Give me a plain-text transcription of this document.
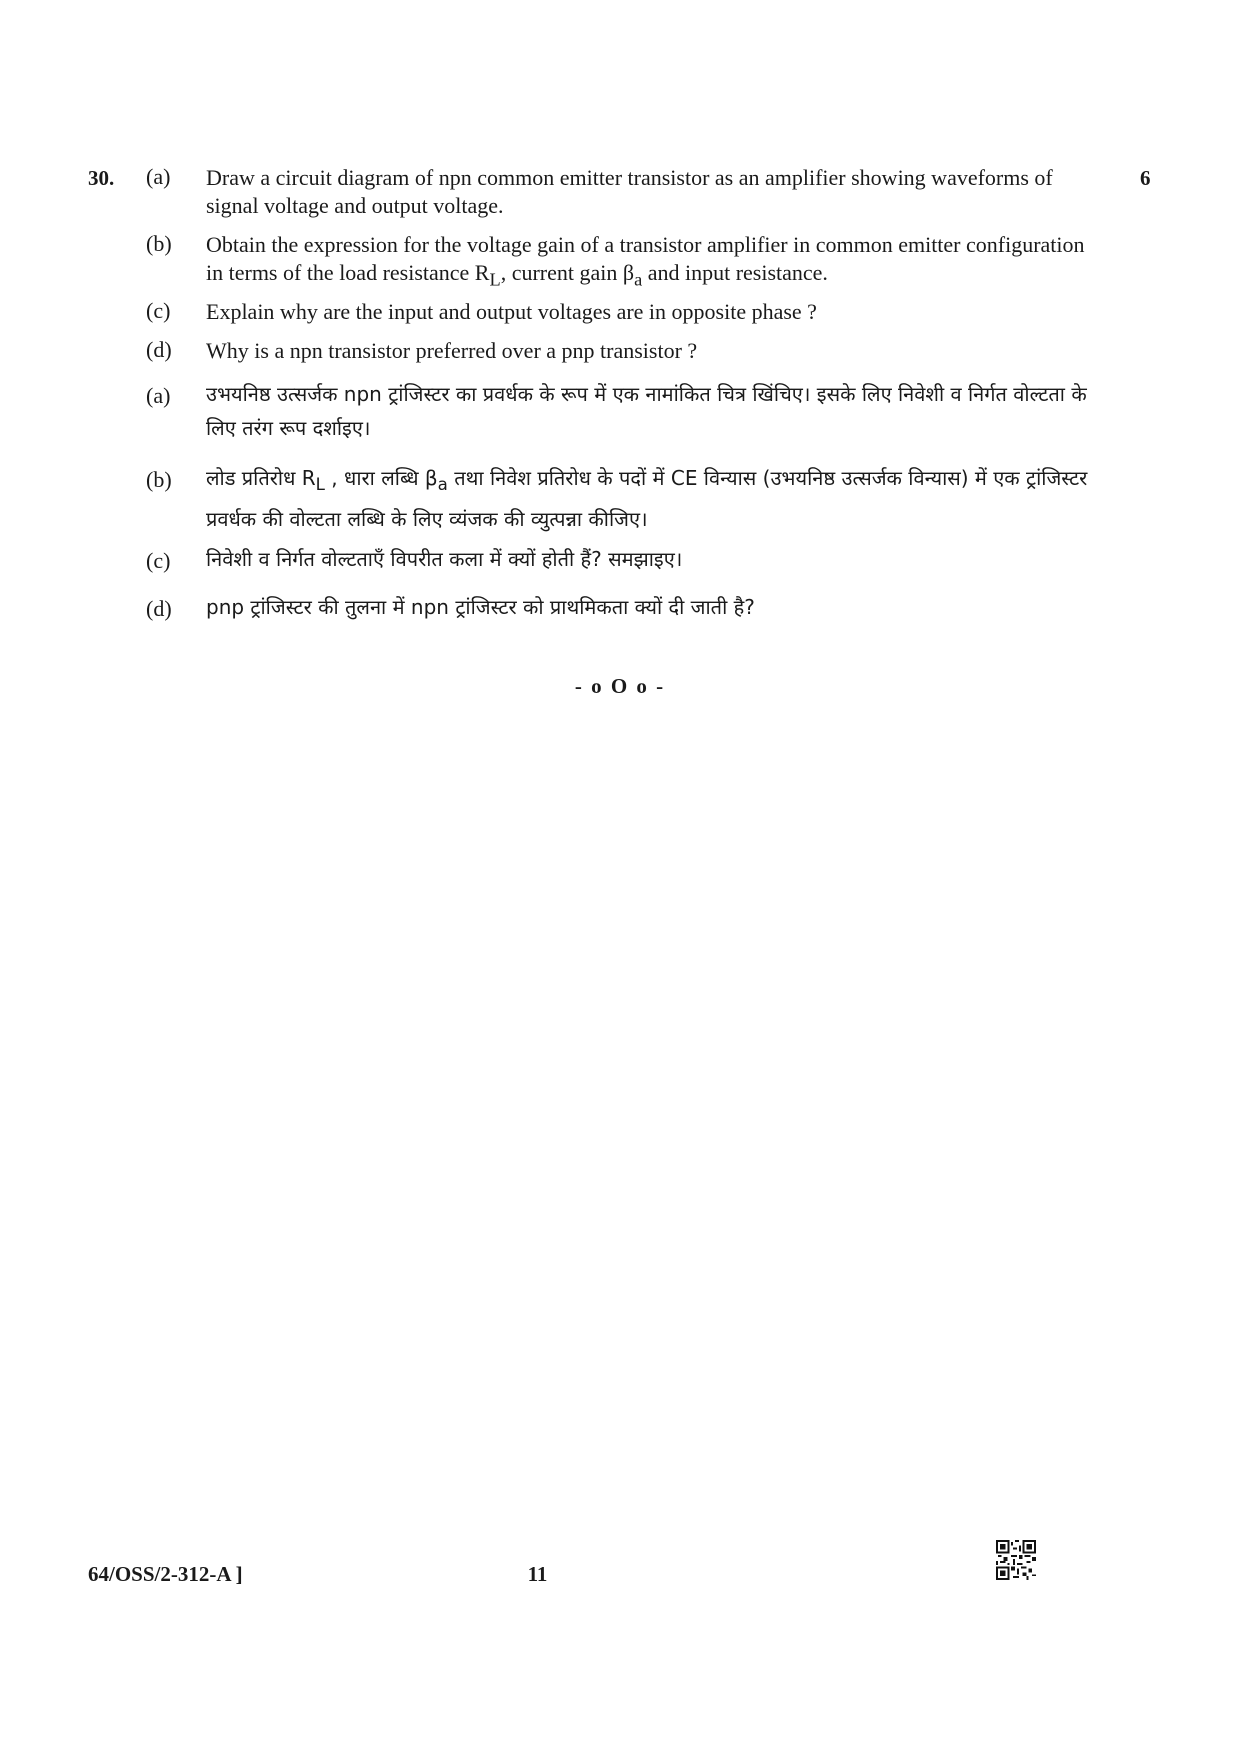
30.	6
(a) Draw a circuit diagram of npn common emitter transistor as an amplifier showing waveforms of signal voltage and output voltage.
(b) Obtain the expression for the voltage gain of a transistor amplifier in common emitter configuration in terms of the load resistance $R_L$, current gain $\beta_a$ and input resistance.
(c) Explain why are the input and output voltages are in opposite phase ?
(d) Why is a npn transistor preferred over a pnp transistor ?
(a) उभयनिष्ठ उत्सर्जक npn ट्रांजिस्टर का प्रवर्धक के रूप में एक नामांकित चित्र खिंचिए। इसके लिए निवेशी व निर्गत वोल्टता के लिए तरंग रूप दर्शाइए।
(b) लोड प्रतिरोध $R_L$ , धारा लब्धि $\beta_a$ तथा निवेश प्रतिरोध के पदों में CE विन्यास (उभयनिष्ठ उत्सर्जक विन्यास) में एक ट्रांजिस्टर प्रवर्धक की वोल्टता लब्धि के लिए व्यंजक की व्युत्पन्ना कीजिए।
(c) निवेशी व निर्गत वोल्टताएँ विपरीत कला में क्यों होती हैं? समझाइए।
(d) pnp ट्रांजिस्टर की तुलना में npn ट्रांजिस्टर को प्राथमिकता क्यों दी जाती है?
- o O o -
64/OSS/2-312-A ]	11
